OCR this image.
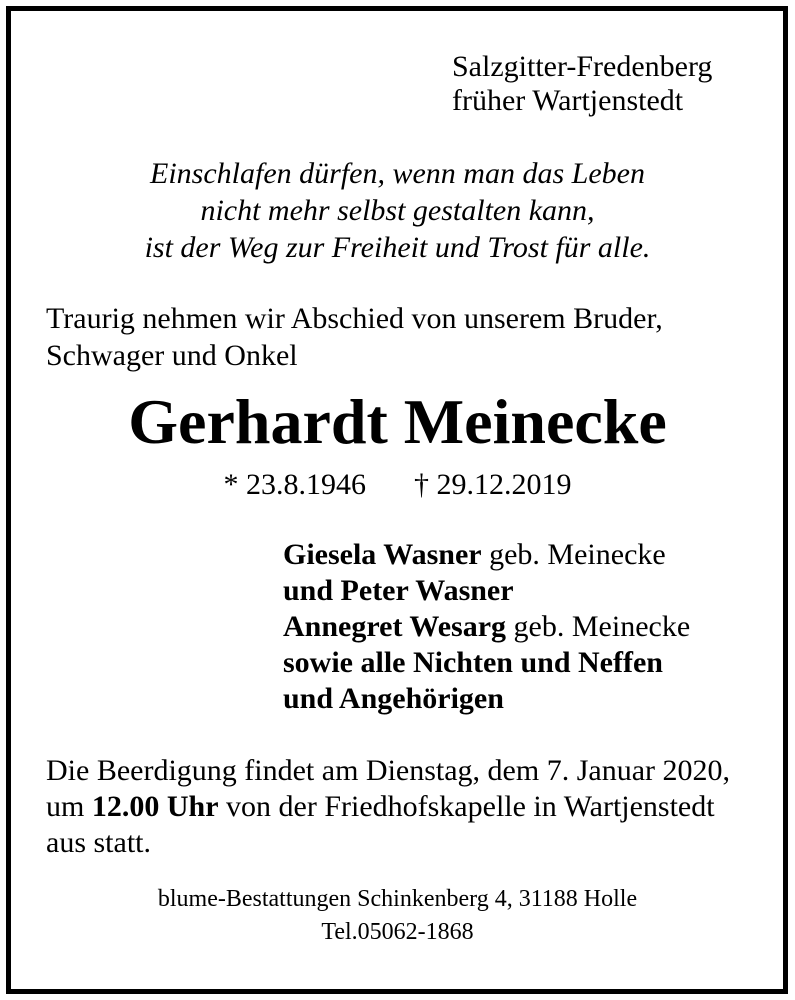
Salzgitter-Fredenberg
früher Wartjenstedt
Einschlafen dürfen, wenn man das Leben
nicht mehr selbst gestalten kann,
ist der Weg zur Freiheit und Trost für alle.
Traurig nehmen wir Abschied von unserem Bruder,
Schwager und Onkel
Gerhardt Meinecke
* 23.8.1946 † 29.12.2019
Giesela Wasner geb. Meinecke
und Peter Wasner
Annegret Wesarg geb. Meinecke
sowie alle Nichten und Neffen
und Angehörigen
Die Beerdigung findet am Dienstag, dem 7. Januar 2020,
um 12.00 Uhr von der Friedhofskapelle in Wartjenstedt
aus statt.
blume-Bestattungen Schinkenberg 4, 31188 Holle
Tel.05062-1868
